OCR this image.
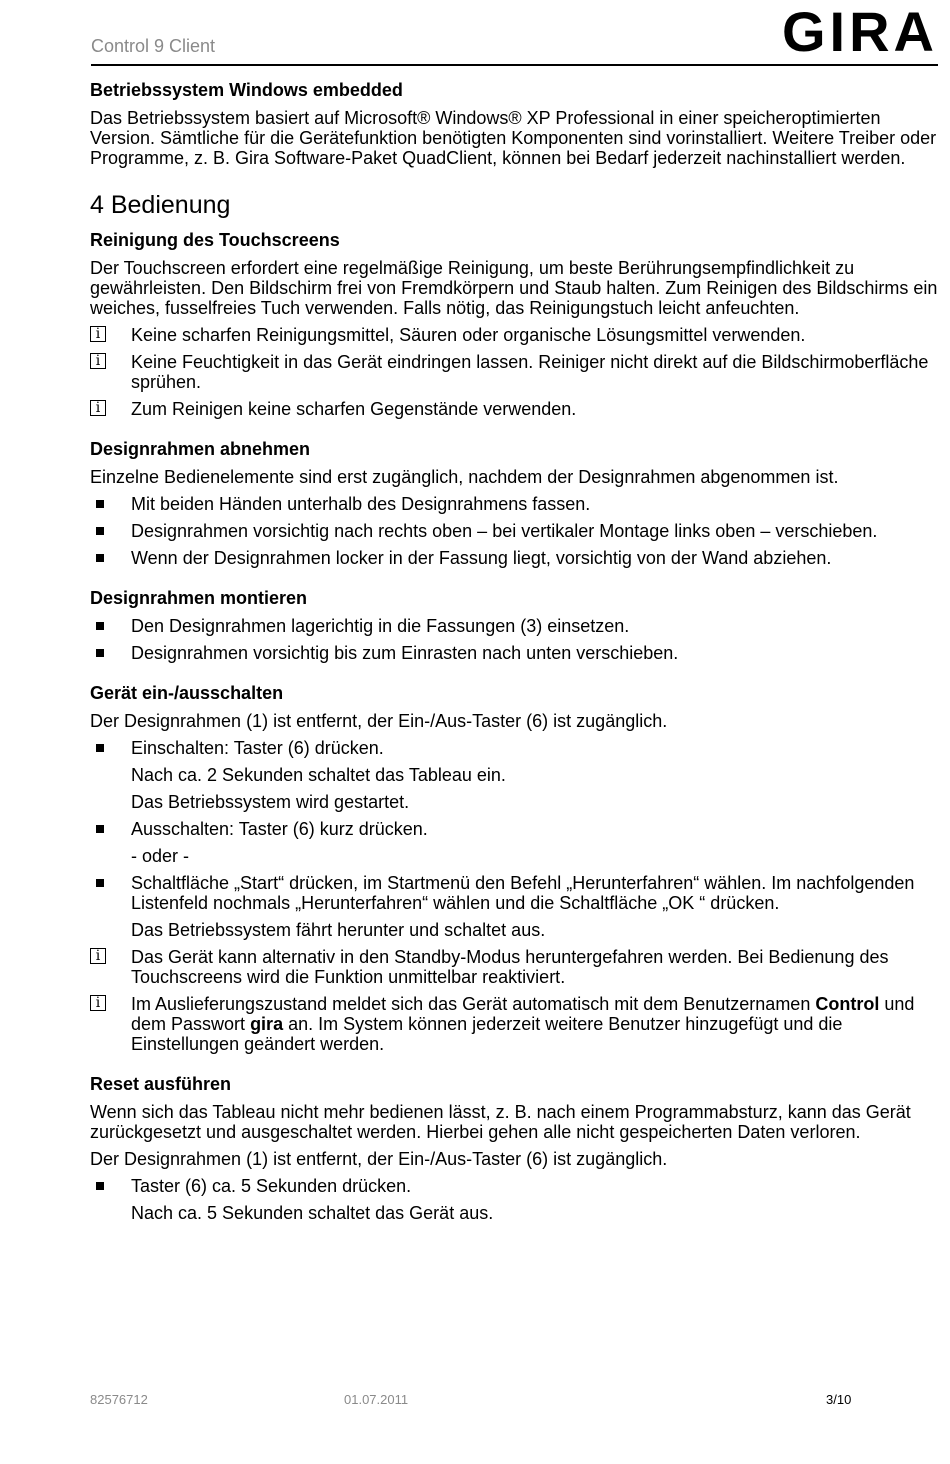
Control 9 Client	GIRA
Betriebssystem Windows embedded

Das Betriebssystem basiert auf Microsoft® Windows® XP Professional in einer speicheroptimierten Version. Sämtliche für die Gerätefunktion benötigten Komponenten sind vorinstalliert. Weitere Treiber oder Programme, z. B. Gira Software-Paket QuadClient, können bei Bedarf jederzeit nachinstalliert werden.

4 Bedienung
Reinigung des Touchscreens

Der Touchscreen erfordert eine regelmäßige Reinigung, um beste Berührungsempfindlichkeit zu gewährleisten. Den Bildschirm frei von Fremdkörpern und Staub halten. Zum Reinigen des Bildschirms ein weiches, fusselfreies Tuch verwenden. Falls nötig, das Reinigungstuch leicht anfeuchten.

i	Keine scharfen Reinigungsmittel, Säuren oder organische Lösungsmittel verwenden.
i	Keine Feuchtigkeit in das Gerät eindringen lassen. Reiniger nicht direkt auf die Bildschirmoberfläche sprühen.
i	Zum Reinigen keine scharfen Gegenstände verwenden.
Designrahmen abnehmen

Einzelne Bedienelemente sind erst zugänglich, nachdem der Designrahmen abgenommen ist.

Mit beiden Händen unterhalb des Designrahmens fassen.
Designrahmen vorsichtig nach rechts oben – bei vertikaler Montage links oben – verschieben.
Wenn der Designrahmen locker in der Fassung liegt, vorsichtig von der Wand abziehen.
Designrahmen montieren
Den Designrahmen lagerichtig in die Fassungen (3) einsetzen.
Designrahmen vorsichtig bis zum Einrasten nach unten verschieben.
Gerät ein-/ausschalten

Der Designrahmen (1) ist entfernt, der Ein-/Aus-Taster (6) ist zugänglich.

Einschalten: Taster (6) drücken.
Nach ca. 2 Sekunden schaltet das Tableau ein.
Das Betriebssystem wird gestartet.
Ausschalten: Taster (6) kurz drücken.
- oder -
Schaltfläche „Start“ drücken, im Startmenü den Befehl „Herunterfahren“ wählen. Im nachfolgenden Listenfeld nochmals „Herunterfahren“ wählen und die Schaltfläche „OK “ drücken.
Das Betriebssystem fährt herunter und schaltet aus.
i	Das Gerät kann alternativ in den Standby-Modus heruntergefahren werden. Bei Bedienung des Touchscreens wird die Funktion unmittelbar reaktiviert.
i	Im Auslieferungszustand meldet sich das Gerät automatisch mit dem Benutzernamen Control und dem Passwort gira an. Im System können jederzeit weitere Benutzer hinzugefügt und die Einstellungen geändert werden.
Reset ausführen

Wenn sich das Tableau nicht mehr bedienen lässt, z. B. nach einem Programmabsturz, kann das Gerät zurückgesetzt und ausgeschaltet werden. Hierbei gehen alle nicht gespeicherten Daten verloren.

Der Designrahmen (1) ist entfernt, der Ein-/Aus-Taster (6) ist zugänglich.

Taster (6) ca. 5 Sekunden drücken.
Nach ca. 5 Sekunden schaltet das Gerät aus.
82576712	01.07.2011	3/10
